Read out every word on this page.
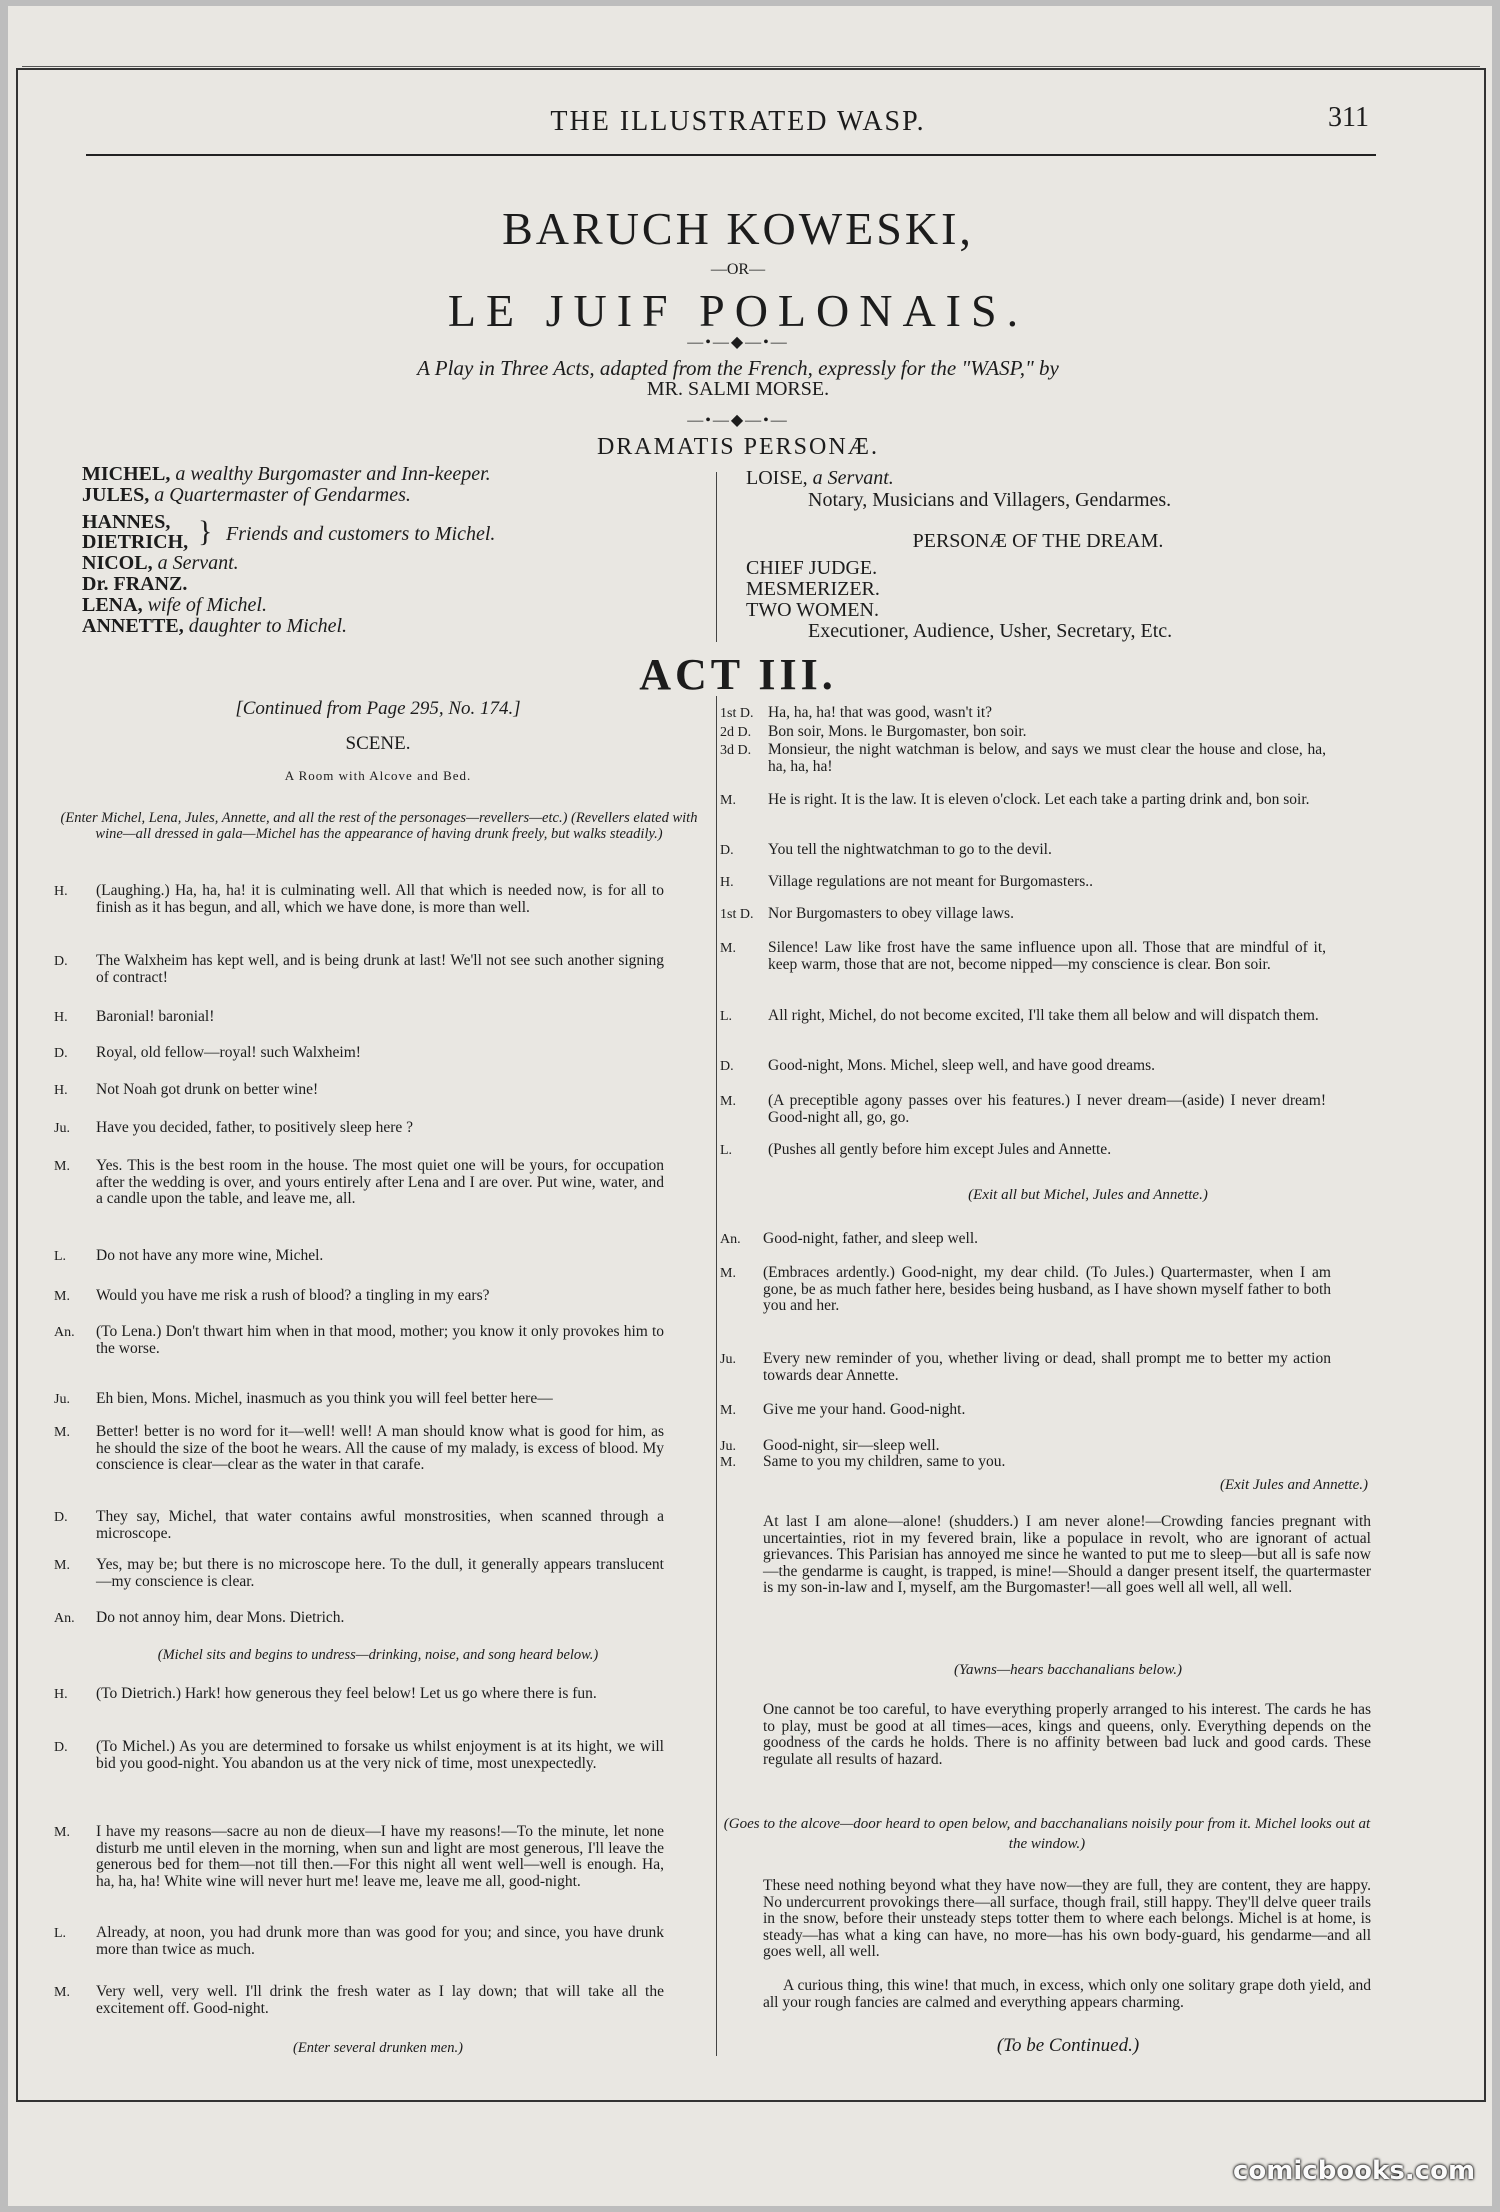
THE ILLUSTRATED WASP.	311
BARUCH KOWESKI,
—OR—
LE JUIF POLONAIS.
—•—◆—•—
A Play in Three Acts, adapted from the French, expressly for the "WASP," by
MR. SALMI MORSE.
—•—◆—•—
DRAMATIS PERSONÆ.
MICHEL, a wealthy Burgomaster and Inn-keeper.
JULES, a Quartermaster of Gendarmes.
HANNES,
DIETRICH, } Friends and customers to Michel.
NICOL, a Servant.
Dr. FRANZ.
LENA, wife of Michel.
ANNETTE, daughter to Michel.
LOISE, a Servant.
Notary, Musicians and Villagers, Gendarmes.
PERSONÆ OF THE DREAM.
CHIEF JUDGE.
MESMERIZER.
TWO WOMEN.
Executioner, Audience, Usher, Secretary, Etc.
ACT III.
[Continued from Page 295, No. 174.]
SCENE.
A Room with Alcove and Bed.
(Enter Michel, Lena, Jules, Annette, and all the rest of the personages—revellers—etc.) (Revellers elated with wine—all dressed in gala—Michel has the appearance of having drunk freely, but walks steadily.)
H. (Laughing.) Ha, ha, ha! it is culminating well. All that which is needed now, is for all to finish as it has begun, and all, which we have done, is more than well.
D. The Walxheim has kept well, and is being drunk at last! We'll not see such another signing of contract!
H. Baronial! baronial!
D. Royal, old fellow—royal! such Walxheim!
H. Not Noah got drunk on better wine!
Ju. Have you decided, father, to positively sleep here ?
M. Yes. This is the best room in the house. The most quiet one will be yours, for occupation after the wedding is over, and yours entirely after Lena and I are over. Put wine, water, and a candle upon the table, and leave me, all.
L. Do not have any more wine, Michel.
M. Would you have me risk a rush of blood? a tingling in my ears?
An. (To Lena.) Don't thwart him when in that mood, mother; you know it only provokes him to the worse.
Ju. Eh bien, Mons. Michel, inasmuch as you think you will feel better here—
M. Better! better is no word for it—well! well! A man should know what is good for him, as he should the size of the boot he wears. All the cause of my malady, is excess of blood. My conscience is clear—clear as the water in that carafe.
D. They say, Michel, that water contains awful monstrosities, when scanned through a microscope.
M. Yes, may be; but there is no microscope here. To the dull, it generally appears translucent—my conscience is clear.
An. Do not annoy him, dear Mons. Dietrich.
(Michel sits and begins to undress—drinking, noise, and song heard below.)
H. (To Dietrich.) Hark! how generous they feel below! Let us go where there is fun.
D. (To Michel.) As you are determined to forsake us whilst enjoyment is at its hight, we will bid you good-night. You abandon us at the very nick of time, most unexpectedly.
M. I have my reasons—sacre au non de dieux—I have my reasons!—To the minute, let none disturb me until eleven in the morning, when sun and light are most generous, I'll leave the generous bed for them—not till then.—For this night all went well—well is enough. Ha, ha, ha, ha! White wine will never hurt me! leave me, leave me all, good-night.
L. Already, at noon, you had drunk more than was good for you; and since, you have drunk more than twice as much.
M. Very well, very well. I'll drink the fresh water as I lay down; that will take all the excitement off. Good-night.
(Enter several drunken men.)
1st D. Ha, ha, ha! that was good, wasn't it?
2d D. Bon soir, Mons. le Burgomaster, bon soir.
3d D. Monsieur, the night watchman is below, and says we must clear the house and close, ha, ha, ha, ha!
M. He is right. It is the law. It is eleven o'clock. Let each take a parting drink and, bon soir.
D. You tell the nightwatchman to go to the devil.
H. Village regulations are not meant for Burgomasters..
1st D. Nor Burgomasters to obey village laws.
M. Silence! Law like frost have the same influence upon all. Those that are mindful of it, keep warm, those that are not, become nipped—my conscience is clear. Bon soir.
L. All right, Michel, do not become excited, I'll take them all below and will dispatch them.
D. Good-night, Mons. Michel, sleep well, and have good dreams.
M. (A preceptible agony passes over his features.) I never dream—(aside) I never dream! Good-night all, go, go.
L. (Pushes all gently before him except Jules and Annette.
(Exit all but Michel, Jules and Annette.)
An. Good-night, father, and sleep well.
M. (Embraces ardently.) Good-night, my dear child. (To Jules.) Quartermaster, when I am gone, be as much father here, besides being husband, as I have shown myself father to both you and her.
Ju. Every new reminder of you, whether living or dead, shall prompt me to better my action towards dear Annette.
M. Give me your hand. Good-night.
Ju. Good-night, sir—sleep well.
M. Same to you my children, same to you.
(Exit Jules and Annette.)
At last I am alone—alone! (shudders.) I am never alone!—Crowding fancies pregnant with uncertainties, riot in my fevered brain, like a populace in revolt, who are ignorant of actual grievances. This Parisian has annoyed me since he wanted to put me to sleep—but all is safe now—the gendarme is caught, is trapped, is mine!—Should a danger present itself, the quartermaster is my son-in-law and I, myself, am the Burgomaster!—all goes well all well, all well.
(Yawns—hears bacchanalians below.)
One cannot be too careful, to have everything properly arranged to his interest. The cards he has to play, must be good at all times—aces, kings and queens, only. Everything depends on the goodness of the cards he holds. There is no affinity between bad luck and good cards. These regulate all results of hazard.
(Goes to the alcove—door heard to open below, and bacchanalians noisily pour from it. Michel looks out at the window.)
These need nothing beyond what they have now—they are full, they are content, they are happy. No undercurrent provokings there—all surface, though frail, still happy. They'll delve queer trails in the snow, before their unsteady steps totter them to where each belongs. Michel is at home, is steady—has what a king can have, no more—has his own body-guard, his gendarme—and all goes well, all well.
A curious thing, this wine! that much, in excess, which only one solitary grape doth yield, and all your rough fancies are calmed and everything appears charming.
(To be Continued.)
comicbooks.com
